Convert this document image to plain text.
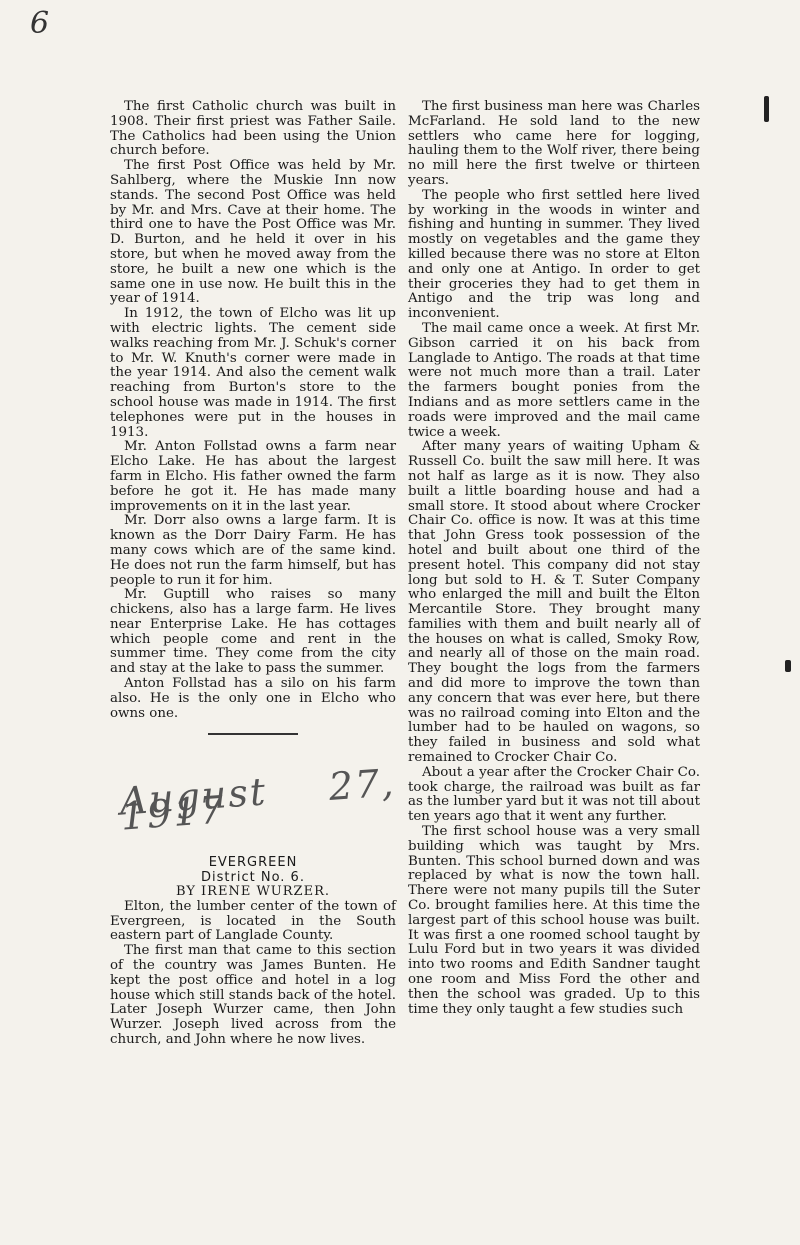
6

The first Catholic church was built in 1908. Their first priest was Father Saile. The Catholics had been using the Union church before.

The first Post Office was held by Mr. Sahlberg, where the Muskie Inn now stands. The second Post Office was held by Mr. and Mrs. Cave at their home. The third one to have the Post Office was Mr. D. Burton, and he held it over in his store, but when he moved away from the store, he built a new one which is the same one in use now. He built this in the year of 1914.

In 1912, the town of Elcho was lit up with electric lights. The cement side walks reaching from Mr. J. Schuk's corner to Mr. W. Knuth's corner were made in the year 1914. And also the cement walk reaching from Burton's store to the school house was made in 1914. The first telephones were put in the houses in 1913.

Mr. Anton Follstad owns a farm near Elcho Lake. He has about the largest farm in Elcho. His father owned the farm before he got it. He has made many improvements on it in the last year.

Mr. Dorr also owns a large farm. It is known as the Dorr Dairy Farm. He has many cows which are of the same kind. He does not run the farm himself, but has people to run it for him.

Mr. Guptill who raises so many chickens, also has a large farm. He lives near Enterprise Lake. He has cottages which people come and rent in the summer time. They come from the city and stay at the lake to pass the summer.

Anton Follstad has a silo on his farm also. He is the only one in Elcho who owns one.

August 27, 1917

EVERGREEN

District No. 6.

BY IRENE WURZER.

Elton, the lumber center of the town of Evergreen, is located in the South eastern part of Langlade County.

The first man that came to this section of the country was James Bunten. He kept the post office and hotel in a log house which still stands back of the hotel. Later Joseph Wurzer came, then John Wurzer. Joseph lived across from the church, and John where he now lives.

The first business man here was Charles McFarland. He sold land to the new settlers who came here for logging, hauling them to the Wolf river, there being no mill here the first twelve or thirteen years.

The people who first settled here lived by working in the woods in winter and fishing and hunting in summer. They lived mostly on vegetables and the game they killed because there was no store at Elton and only one at Antigo. In order to get their groceries they had to get them in Antigo and the trip was long and inconvenient.

The mail came once a week. At first Mr. Gibson carried it on his back from Langlade to Antigo. The roads at that time were not much more than a trail. Later the farmers bought ponies from the Indians and as more settlers came in the roads were improved and the mail came twice a week.

After many years of waiting Upham & Russell Co. built the saw mill here. It was not half as large as it is now. They also built a little boarding house and had a small store. It stood about where Crocker Chair Co. office is now. It was at this time that John Gress took possession of the hotel and built about one third of the present hotel. This company did not stay long but sold to H. & T. Suter Company who enlarged the mill and built the Elton Mercantile Store. They brought many families with them and built nearly all of the houses on what is called, Smoky Row, and nearly all of those on the main road. They bought the logs from the farmers and did more to improve the town than any concern that was ever here, but there was no railroad coming into Elton and the lumber had to be hauled on wagons, so they failed in business and sold what remained to Crocker Chair Co.

About a year after the Crocker Chair Co. took charge, the railroad was built as far as the lumber yard but it was not till about ten years ago that it went any further.

The first school house was a very small building which was taught by Mrs. Bunten. This school burned down and was replaced by what is now the town hall. There were not many pupils till the Suter Co. brought families here. At this time the largest part of this school house was built. It was first a one roomed school taught by Lulu Ford but in two years it was divided into two rooms and Edith Sandner taught one room and Miss Ford the other and then the school was graded. Up to this time they only taught a few studies such
